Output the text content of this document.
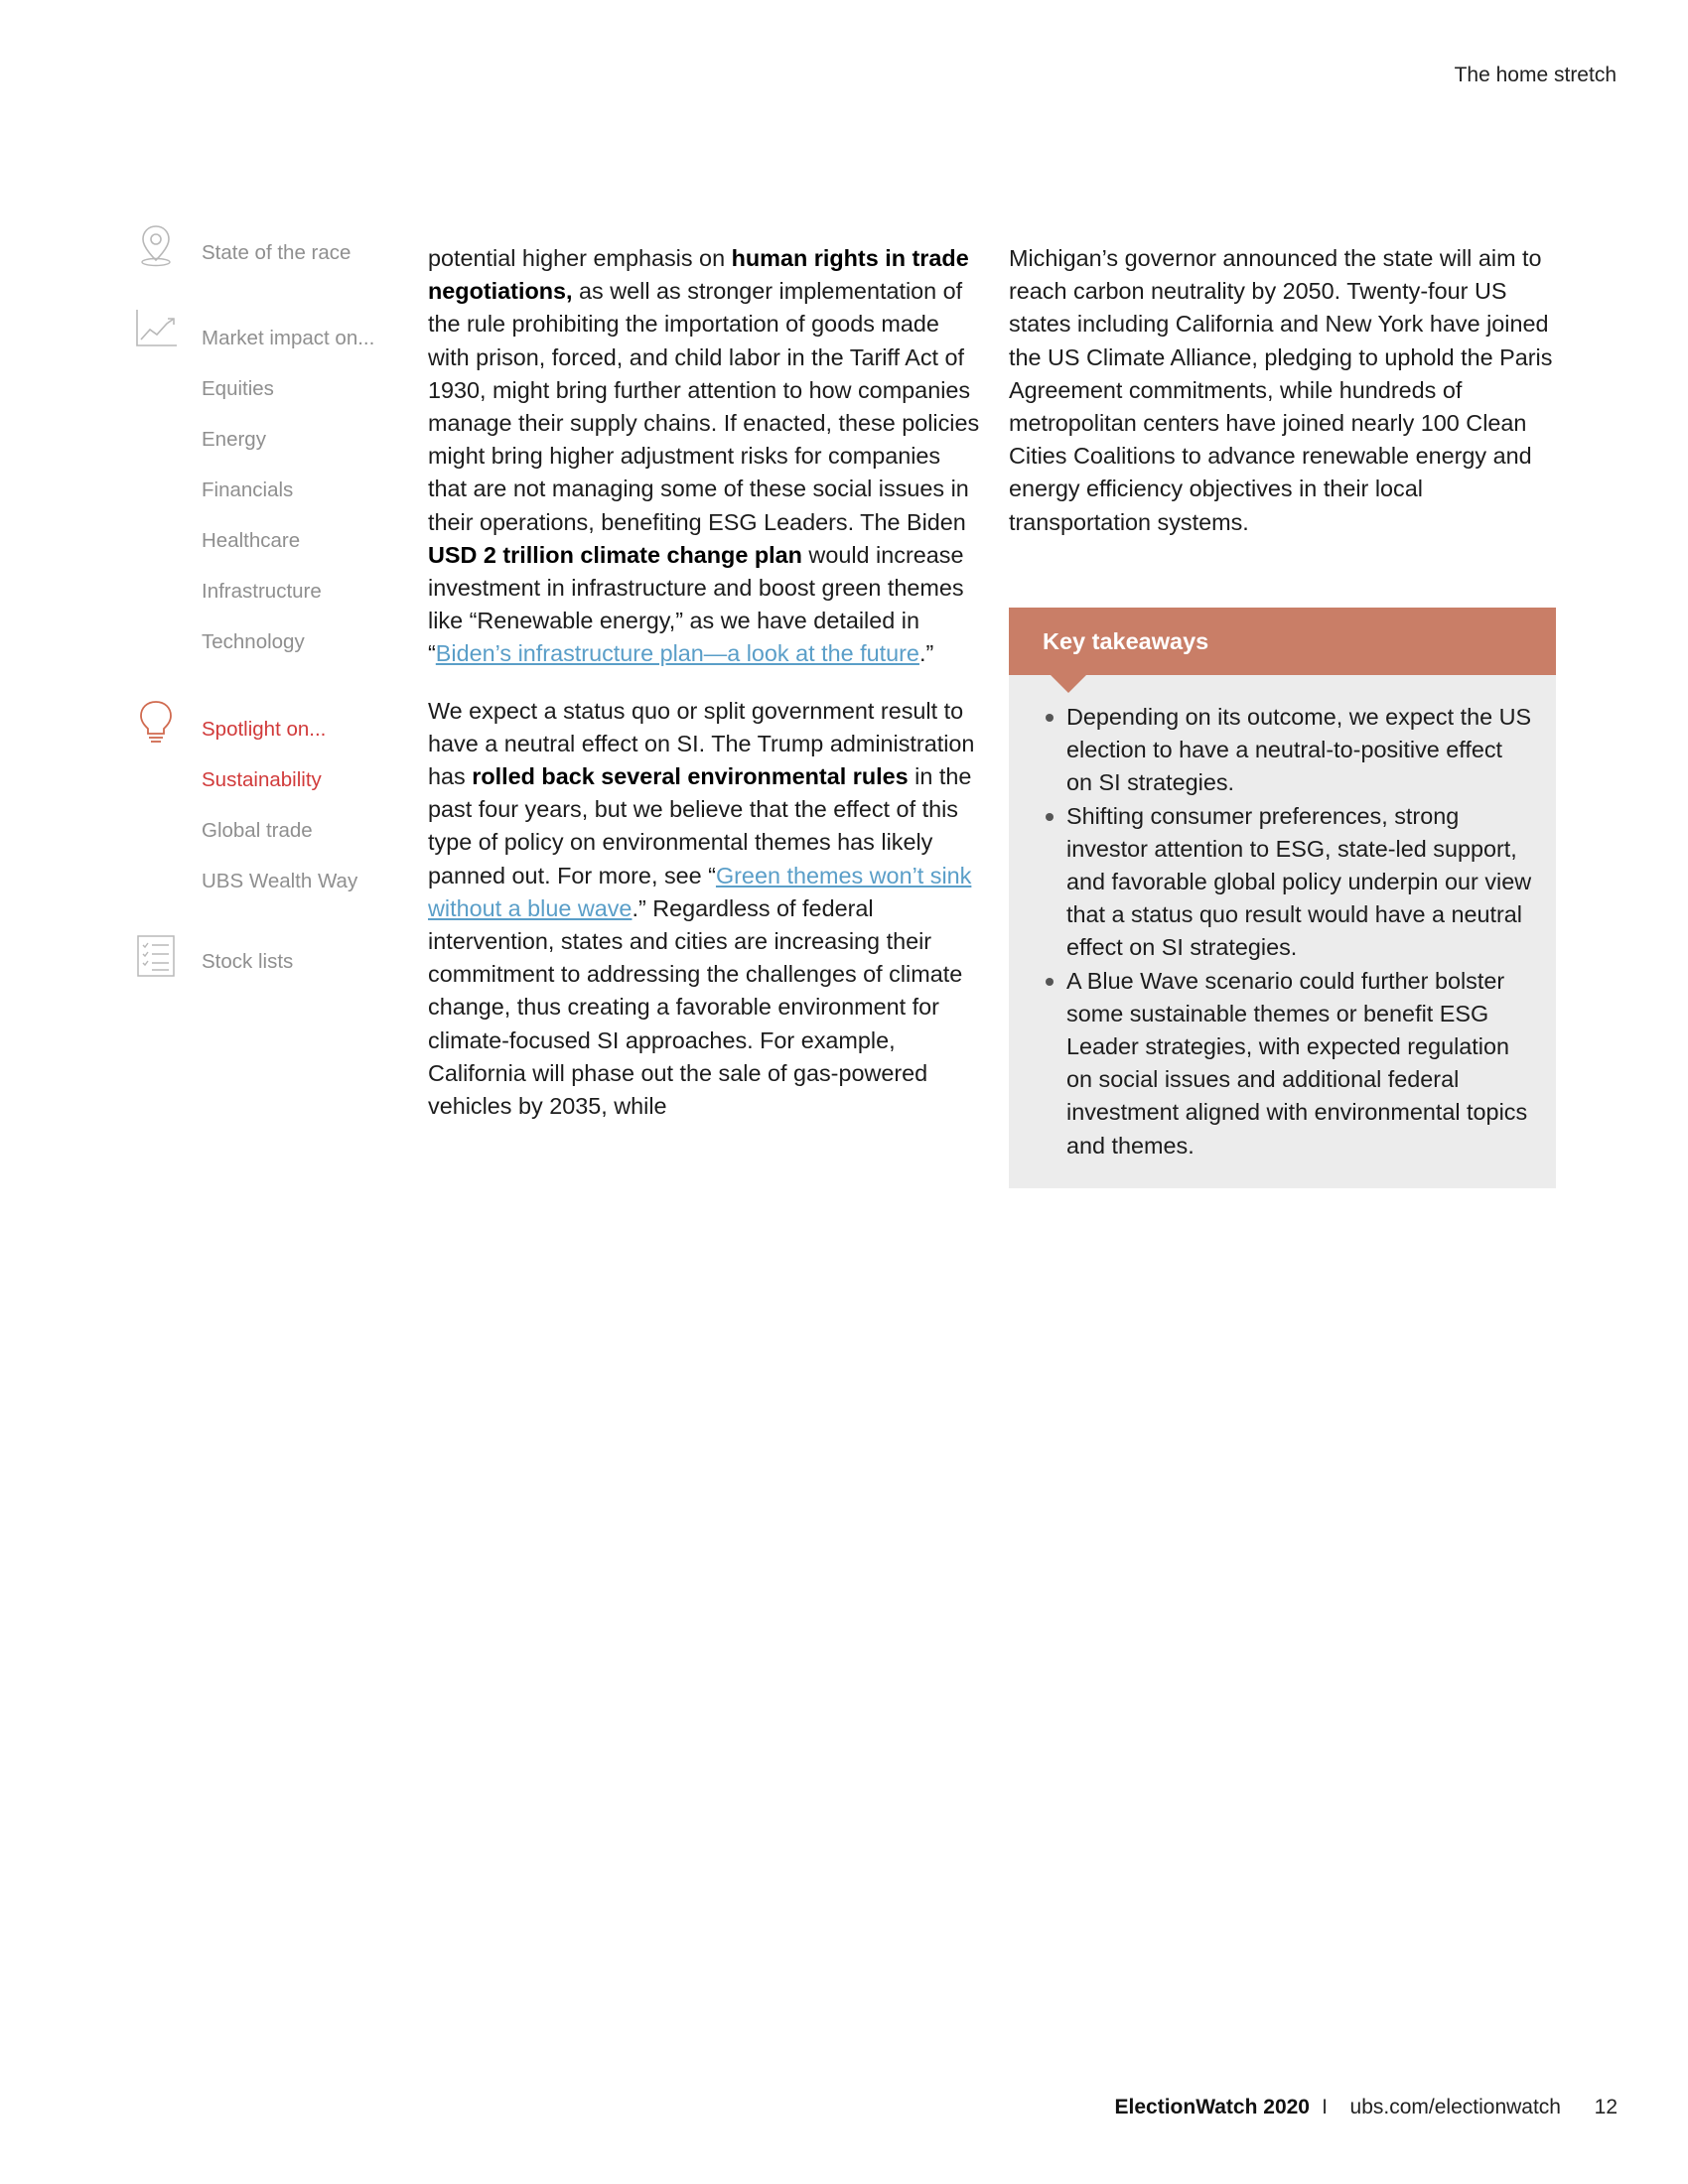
The home stretch
State of the race
Market impact on...
Equities
Energy
Financials
Healthcare
Infrastructure
Technology
Spotlight on...
Sustainability
Global trade
UBS Wealth Way
Stock lists

potential higher emphasis on human rights in trade negotiations, as well as stronger implementation of the rule prohibiting the importation of goods made with prison, forced, and child labor in the Tariff Act of 1930, might bring further attention to how companies manage their supply chains. If enacted, these policies might bring higher adjustment risks for companies that are not managing some of these social issues in their operations, benefiting ESG Leaders. The Biden USD 2 trillion climate change plan would increase investment in infrastructure and boost green themes like “Renewable energy,” as we have detailed in “Biden’s infrastructure plan—a look at the future.”

We expect a status quo or split government result to have a neutral effect on SI. The Trump administration has rolled back several environmental rules in the past four years, but we believe that the effect of this type of policy on environmental themes has likely panned out. For more, see “Green themes won’t sink without a blue wave.” Regardless of federal intervention, states and cities are increasing their commitment to addressing the challenges of climate change, thus creating a favorable environment for climate-focused SI approaches. For example, California will phase out the sale of gas-powered vehicles by 2035, while

Michigan’s governor announced the state will aim to reach carbon neutrality by 2050. Twenty-four US states including California and New York have joined the US Climate Alliance, pledging to uphold the Paris Agreement commitments, while hundreds of metropolitan centers have joined nearly 100 Clean Cities Coalitions to advance renewable energy and energy efficiency objectives in their local transportation systems.

Key takeaways
Depending on its outcome, we expect the US election to have a neutral-to-positive effect on SI strategies.
Shifting consumer preferences, strong investor attention to ESG, state-led support, and favorable global policy underpin our view that a status quo result would have a neutral effect on SI strategies.
A Blue Wave scenario could further bolster some sustainable themes or benefit ESG Leader strategies, with expected regulation on social issues and additional federal investment aligned with environmental topics and themes.
ElectionWatch 2020 I ubs.com/electionwatch 12
